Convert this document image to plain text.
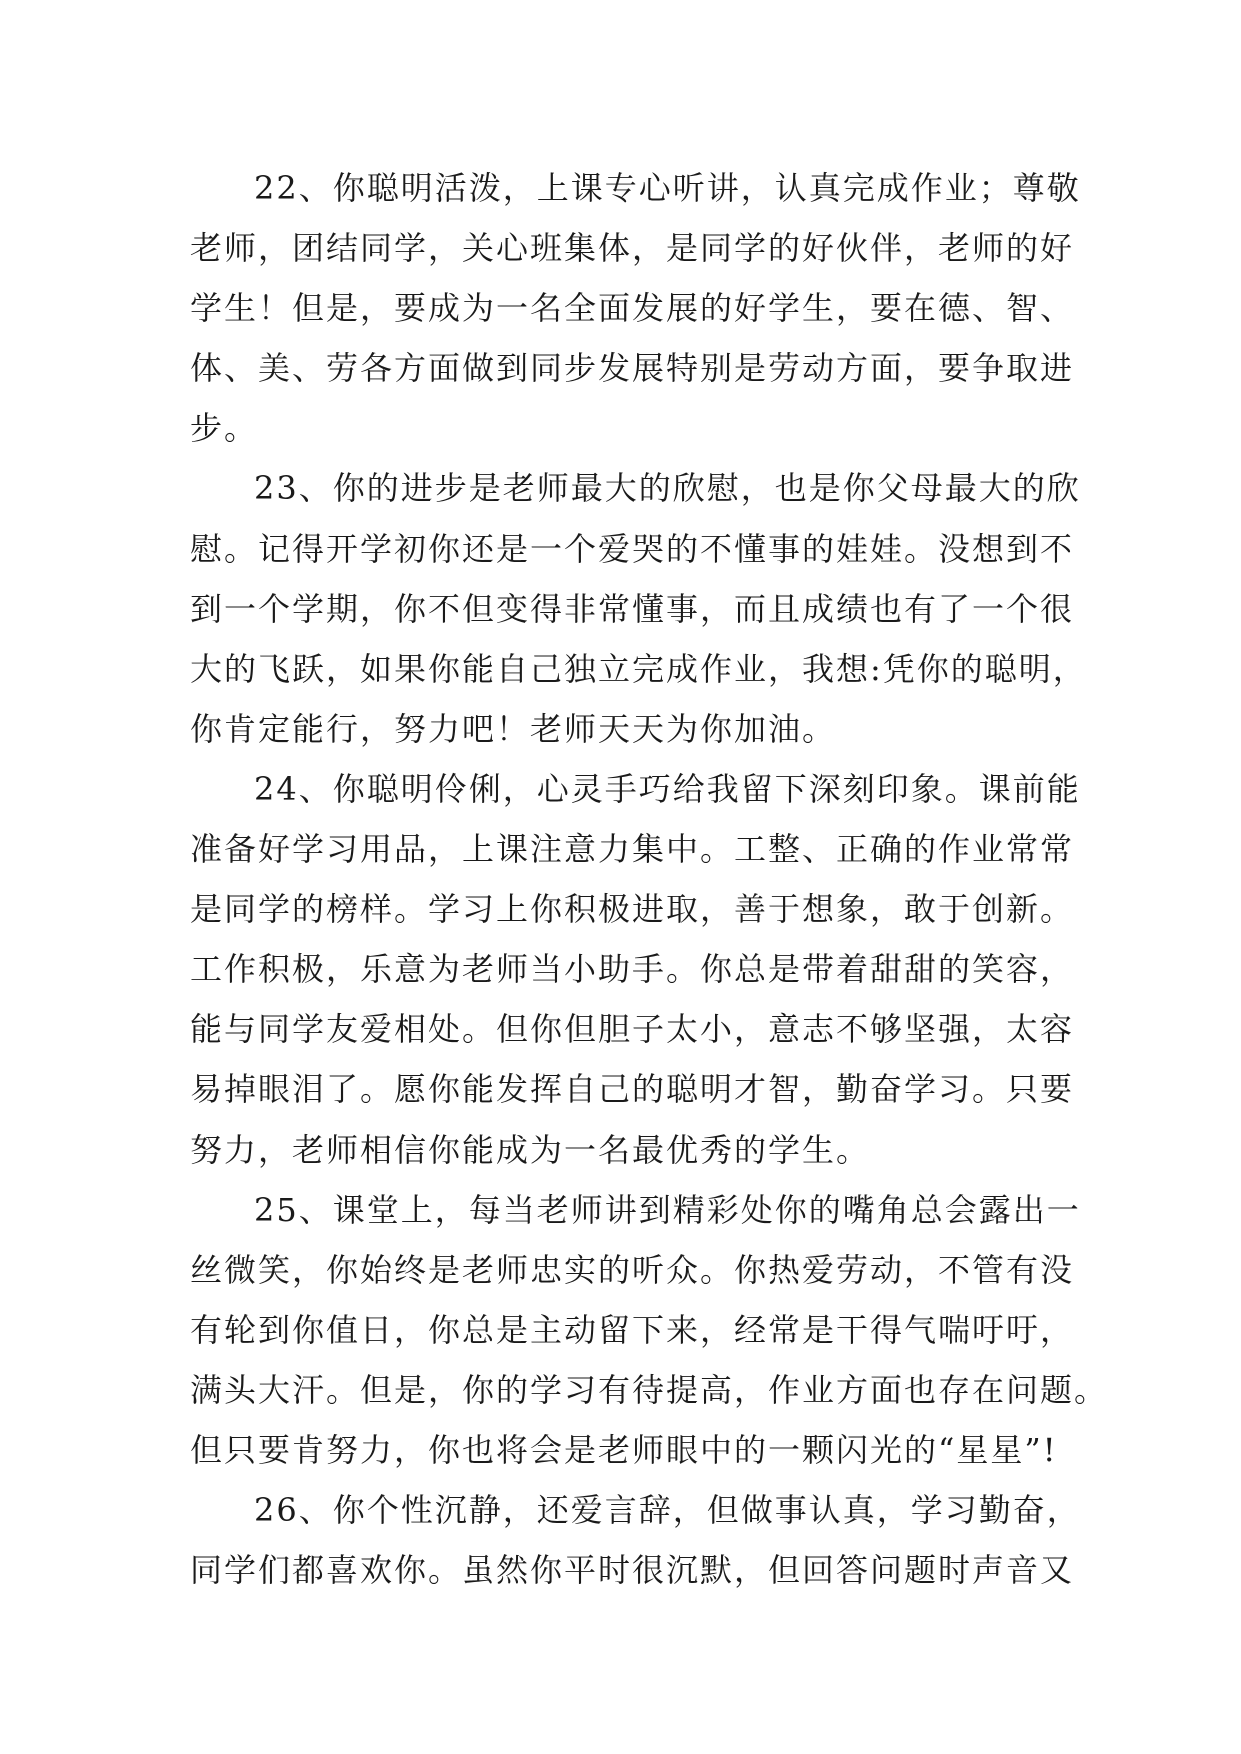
22、你聪明活泼，上课专心听讲，认真完成作业；尊敬
老师，团结同学，关心班集体，是同学的好伙伴，老师的好
学生！但是，要成为一名全面发展的好学生，要在德、智、
体、美、劳各方面做到同步发展特别是劳动方面，要争取进
步。
23、你的进步是老师最大的欣慰，也是你父母最大的欣
慰。记得开学初你还是一个爱哭的不懂事的娃娃。没想到不
到一个学期，你不但变得非常懂事，而且成绩也有了一个很
大的飞跃，如果你能自己独立完成作业，我想:凭你的聪明，
你肯定能行，努力吧！老师天天为你加油。
24、你聪明伶俐，心灵手巧给我留下深刻印象。课前能
准备好学习用品，上课注意力集中。工整、正确的作业常常
是同学的榜样。学习上你积极进取，善于想象，敢于创新。
工作积极，乐意为老师当小助手。你总是带着甜甜的笑容，
能与同学友爱相处。但你但胆子太小，意志不够坚强，太容
易掉眼泪了。愿你能发挥自己的聪明才智，勤奋学习。只要
努力，老师相信你能成为一名最优秀的学生。
25、课堂上，每当老师讲到精彩处你的嘴角总会露出一
丝微笑，你始终是老师忠实的听众。你热爱劳动，不管有没
有轮到你值日，你总是主动留下来，经常是干得气喘吁吁，
满头大汗。但是，你的学习有待提高，作业方面也存在问题。
但只要肯努力，你也将会是老师眼中的一颗闪光的“星星”!
26、你个性沉静，还爱言辞，但做事认真，学习勤奋，
同学们都喜欢你。虽然你平时很沉默，但回答问题时声音又
